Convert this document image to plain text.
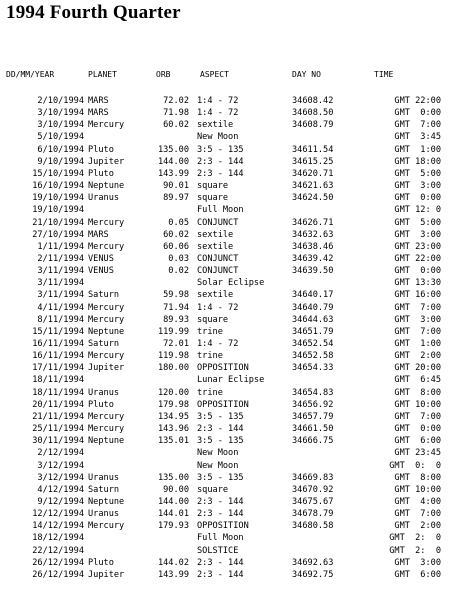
1994 Fourth Quarter
DD/MM/YEAR	PLANET	ORB	ASPECT	DAY NO	TIME
2/10/1994 MARS	72.02 1:4 - 72	34608.42	GMT 22:00
3/10/1994 MARS	71.98 1:4 - 72	34608.50	GMT  0:00
3/10/1994 Mercury	60.02 sextile	34608.79	GMT  7:00
5/10/1994	New Moon	GMT  3:45
6/10/1994 Pluto	135.00 3:5 - 135	34611.54	GMT  1:00
9/10/1994 Jupiter	144.00 2:3 - 144	34615.25	GMT 18:00
15/10/1994 Pluto	143.99 2:3 - 144	34620.71	GMT  5:00
16/10/1994 Neptune	90.01 square	34621.63	GMT  3:00
19/10/1994 Uranus	89.97 square	34624.50	GMT  0:00
19/10/1994	Full Moon	GMT 12: 0
21/10/1994 Mercury	0.05 CONJUNCT	34626.71	GMT  5:00
27/10/1994 MARS	60.02 sextile	34632.63	GMT  3:00
1/11/1994 Mercury	60.06 sextile	34638.46	GMT 23:00
2/11/1994 VENUS	0.03 CONJUNCT	34639.42	GMT 22:00
3/11/1994 VENUS	0.02 CONJUNCT	34639.50	GMT  0:00
3/11/1994	Solar Eclipse	GMT 13:30
3/11/1994 Saturn	59.98 sextile	34640.17	GMT 16:00
4/11/1994 Mercury	71.94 1:4 - 72	34640.79	GMT  7:00
8/11/1994 Mercury	89.93 square	34644.63	GMT  3:00
15/11/1994 Neptune	119.99 trine	34651.79	GMT  7:00
16/11/1994 Saturn	72.01 1:4 - 72	34652.54	GMT  1:00
16/11/1994 Mercury	119.98 trine	34652.58	GMT  2:00
17/11/1994 Jupiter	180.00 OPPOSITION	34654.33	GMT 20:00
18/11/1994	Lunar Eclipse	GMT  6:45
18/11/1994 Uranus	120.00 trine	34654.83	GMT  8:00
20/11/1994 Pluto	179.98 OPPOSITION	34656.92	GMT 10:00
21/11/1994 Mercury	134.95 3:5 - 135	34657.79	GMT  7:00
25/11/1994 Mercury	143.96 2:3 - 144	34661.50	GMT  0:00
30/11/1994 Neptune	135.01 3:5 - 135	34666.75	GMT  6:00
2/12/1994	New Moon	GMT 23:45
3/12/1994	New Moon	GMT  0:  0
3/12/1994 Uranus	135.00 3:5 - 135	34669.83	GMT  8:00
4/12/1994 Saturn	90.00 square	34670.92	GMT 10:00
9/12/1994 Neptune	144.00 2:3 - 144	34675.67	GMT  4:00
12/12/1994 Uranus	144.01 2:3 - 144	34678.79	GMT  7:00
14/12/1994 Mercury	179.93 OPPOSITION	34680.58	GMT  2:00
18/12/1994	Full Moon	GMT  2:  0
22/12/1994	SOLSTICE	GMT  2:  0
26/12/1994 Pluto	144.02 2:3 - 144	34692.63	GMT  3:00
26/12/1994 Jupiter	143.99 2:3 - 144	34692.75	GMT  6:00
